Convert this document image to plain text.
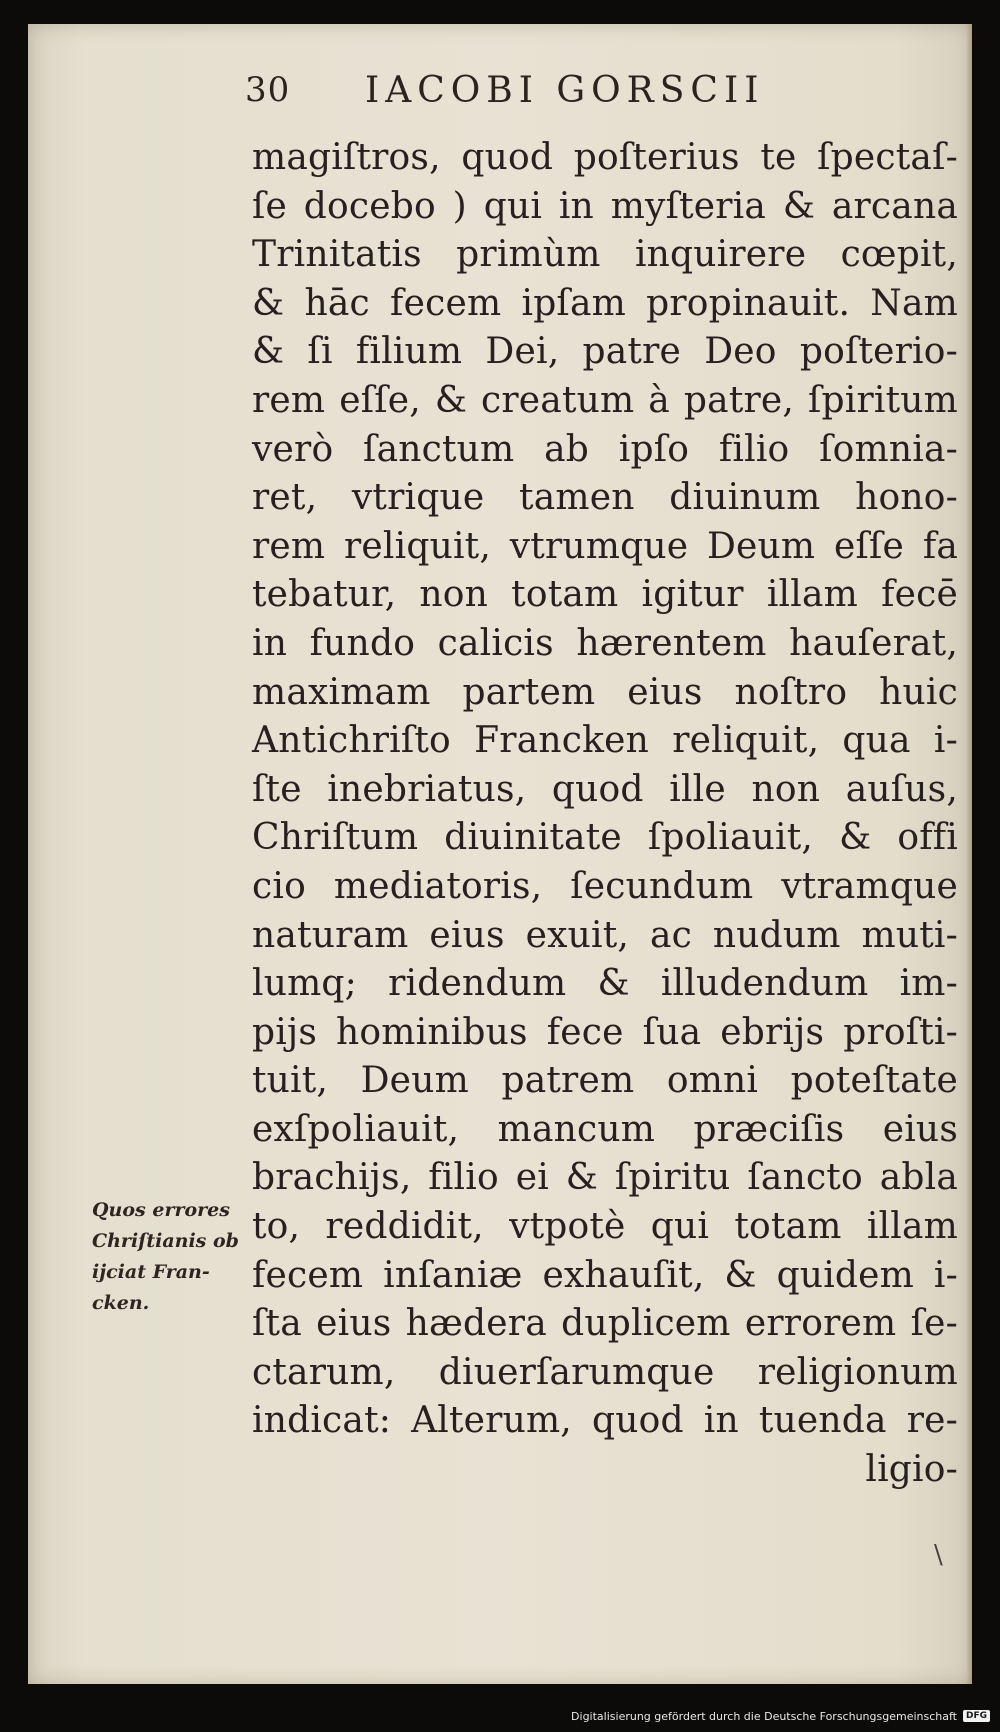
30 IACOBI GORSCII
magiſtros, quod poſterius te ſpectaſ-
ſe docebo ) qui in myſteria & arcana
Trinitatis primùm inquirere cœpit,
& hāc fecem ipſam propinauit. Nam
& ſi filium Dei, patre Deo poſterio-
rem eſſe, & creatum à patre, ſpiritum
verò ſanctum ab ipſo filio ſomnia-
ret, vtrique tamen diuinum hono-
rem reliquit, vtrumque Deum eſſe fa
tebatur, non totam igitur illam fecē
in fundo calicis hærentem hauſerat,
maximam partem eius noſtro huic
Antichriſto Francken reliquit, qua i-
ſte inebriatus, quod ille non auſus,
Chriſtum diuinitate ſpoliauit, & offi
cio mediatoris, ſecundum vtramque
naturam eius exuit, ac nudum muti-
lumq; ridendum & illudendum im-
pijs hominibus fece ſua ebrijs proſti-
tuit, Deum patrem omni poteſtate
exſpoliauit, mancum præciſis eius
brachijs, filio ei & ſpiritu ſancto abla
to, reddidit, vtpotè qui totam illam
fecem inſaniæ exhauſit, & quidem i-
ſta eius hædera duplicem errorem ſe-
ctarum, diuerſarumque religionum
indicat: Alterum, quod in tuenda re-
ligio-
Quos errores
Chriſtianis ob
ijciat Fran-
cken.
\
Digitalisierung gefördert durch die Deutsche Forschungsgemeinschaft	DFG
